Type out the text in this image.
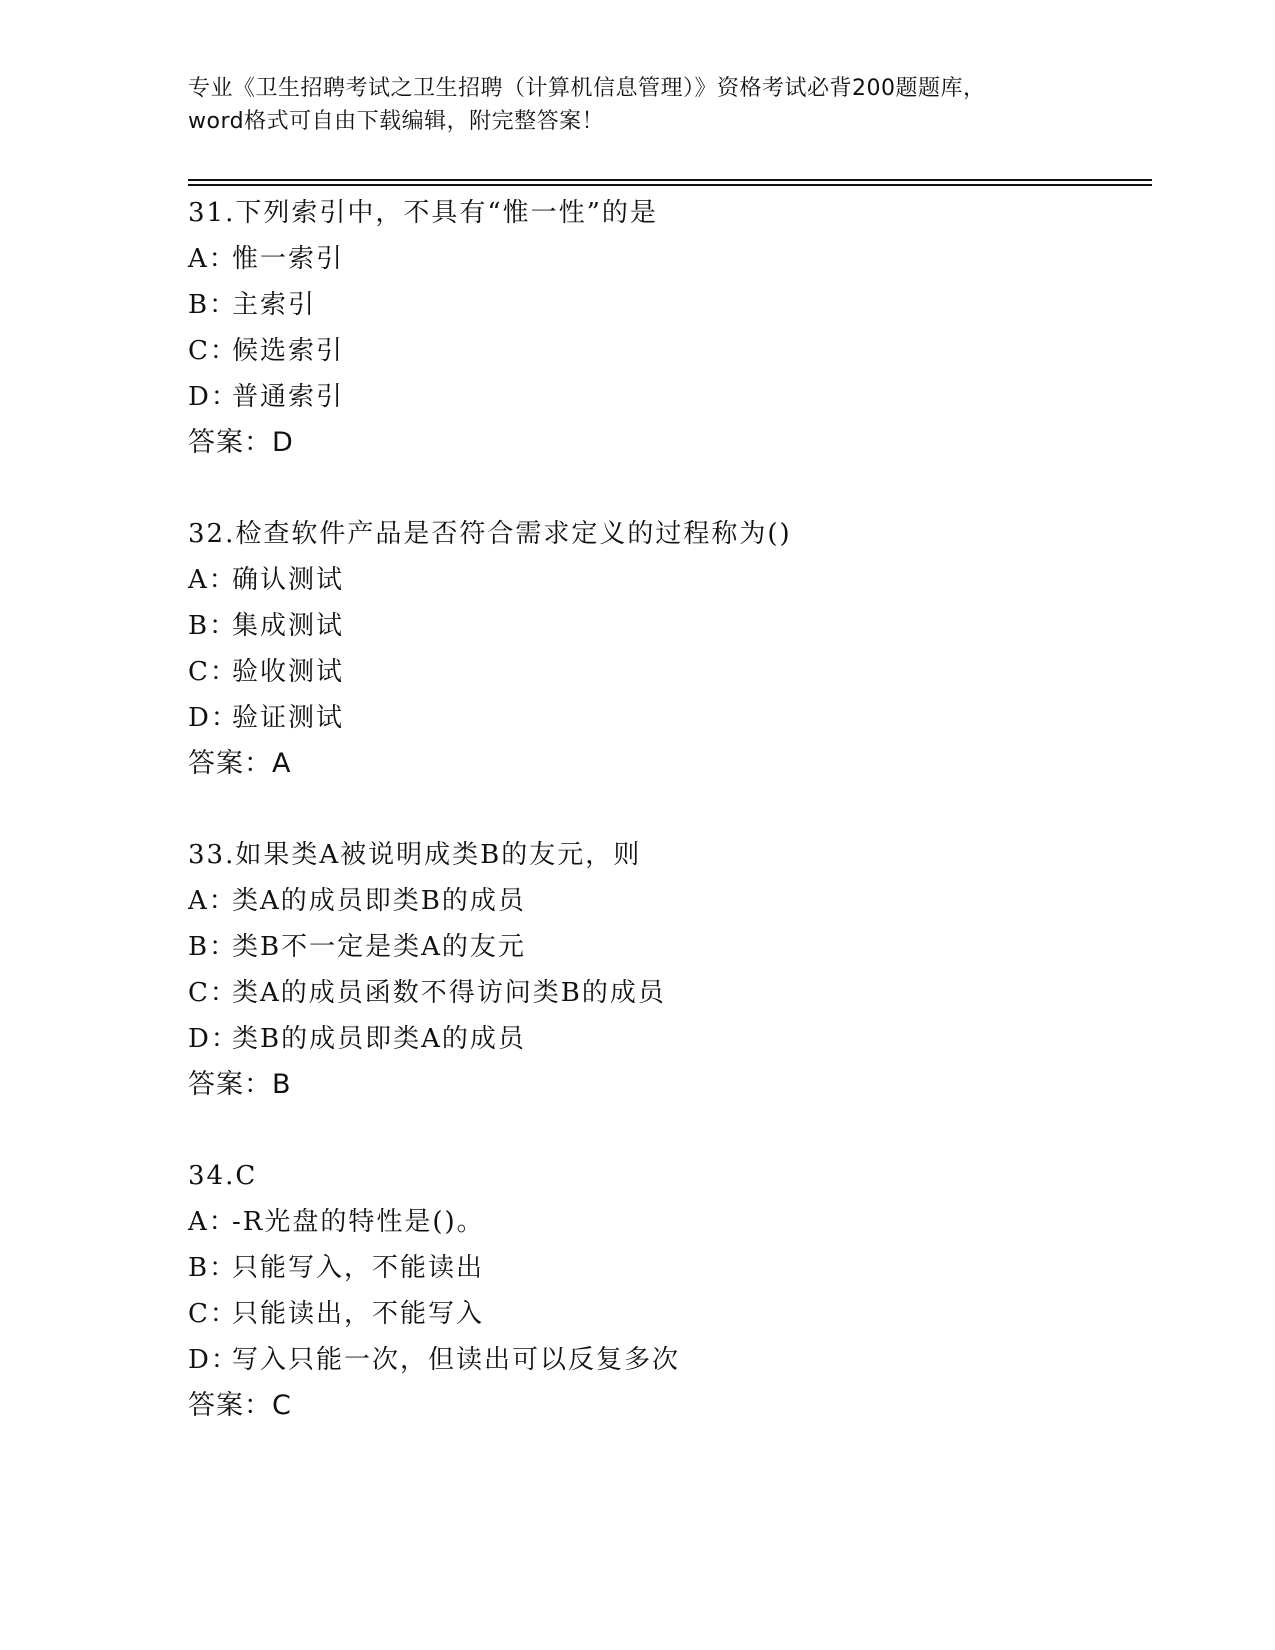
专业《卫生招聘考试之卫生招聘（计算机信息管理）》资格考试必背200题题库，
word格式可自由下载编辑，附完整答案！
31.下列索引中，不具有“惟一性”的是
A：惟一索引
B：主索引
C：候选索引
D：普通索引
答案：D
32.检查软件产品是否符合需求定义的过程称为()
A：确认测试
B：集成测试
C：验收测试
D：验证测试
答案：A
33.如果类A被说明成类B的友元，则
A：类A的成员即类B的成员
B：类B不一定是类A的友元
C：类A的成员函数不得访问类B的成员
D：类B的成员即类A的成员
答案：B
34.C
A：-R光盘的特性是()。
B：只能写入，不能读出
C：只能读出，不能写入
D：写入只能一次，但读出可以反复多次
答案：C
